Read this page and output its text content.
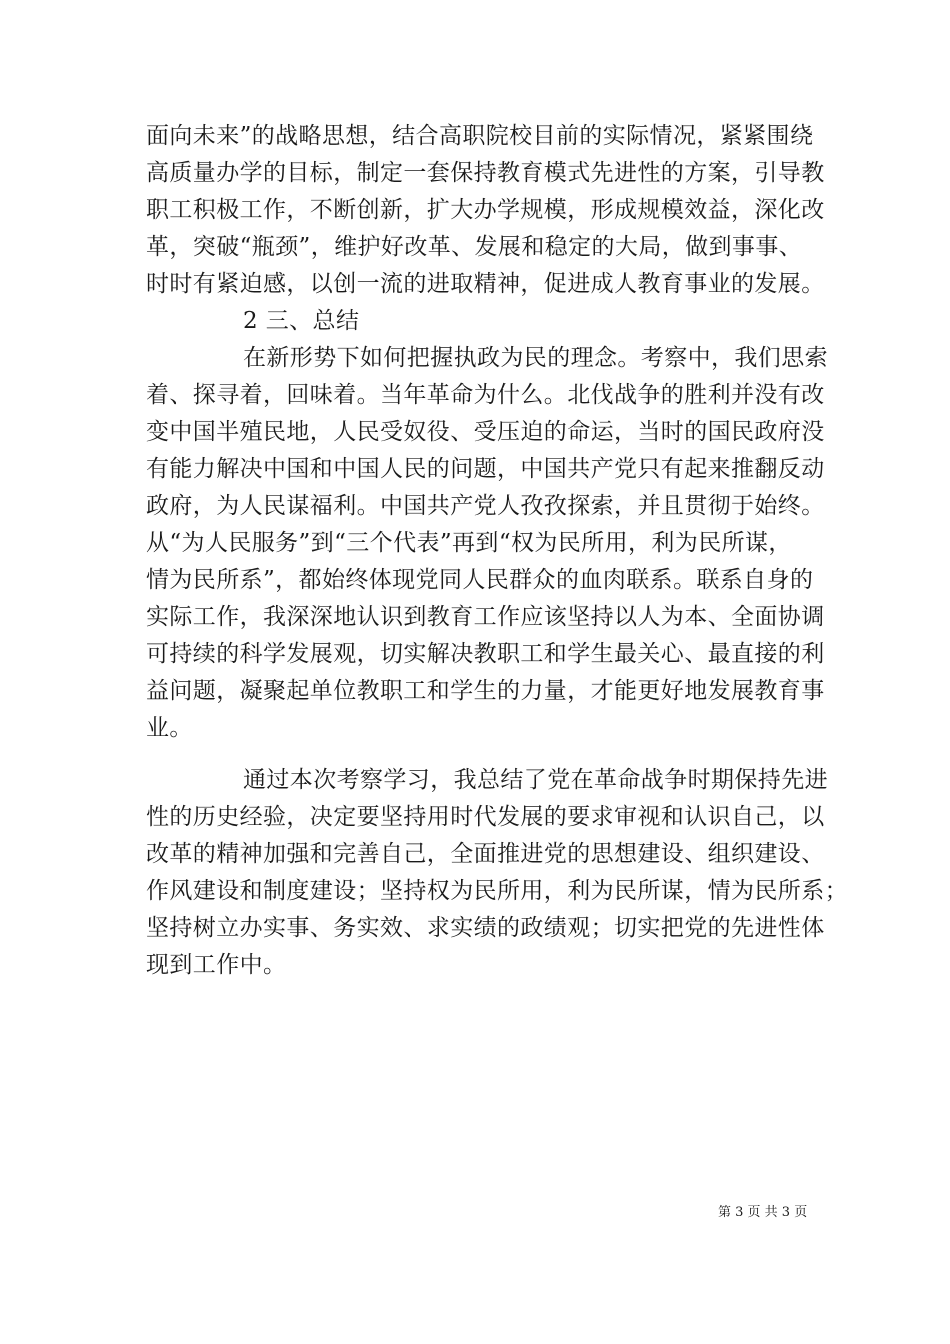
面向未来”的战略思想，结合高职院校目前的实际情况，紧紧围绕
高质量办学的目标，制定一套保持教育模式先进性的方案，引导教
职工积极工作，不断创新，扩大办学规模，形成规模效益，深化改
革，突破“瓶颈”，维护好改革、发展和稳定的大局，做到事事、
时时有紧迫感，以创一流的进取精神，促进成人教育事业的发展。
2 三、总结
在新形势下如何把握执政为民的理念。考察中，我们思索
着、探寻着，回味着。当年革命为什么。北伐战争的胜利并没有改
变中国半殖民地，人民受奴役、受压迫的命运，当时的国民政府没
有能力解决中国和中国人民的问题，中国共产党只有起来推翻反动
政府，为人民谋福利。中国共产党人孜孜探索，并且贯彻于始终。
从“为人民服务”到“三个代表”再到“权为民所用，利为民所谋，
情为民所系”，都始终体现党同人民群众的血肉联系。联系自身的
实际工作，我深深地认识到教育工作应该坚持以人为本、全面协调
可持续的科学发展观，切实解决教职工和学生最关心、最直接的利
益问题，凝聚起单位教职工和学生的力量，才能更好地发展教育事
业。
通过本次考察学习，我总结了党在革命战争时期保持先进
性的历史经验，决定要坚持用时代发展的要求审视和认识自己，以
改革的精神加强和完善自己，全面推进党的思想建设、组织建设、
作风建设和制度建设；坚持权为民所用，利为民所谋，情为民所系；
坚持树立办实事、务实效、求实绩的政绩观；切实把党的先进性体
现到工作中。
第 3 页 共 3 页
